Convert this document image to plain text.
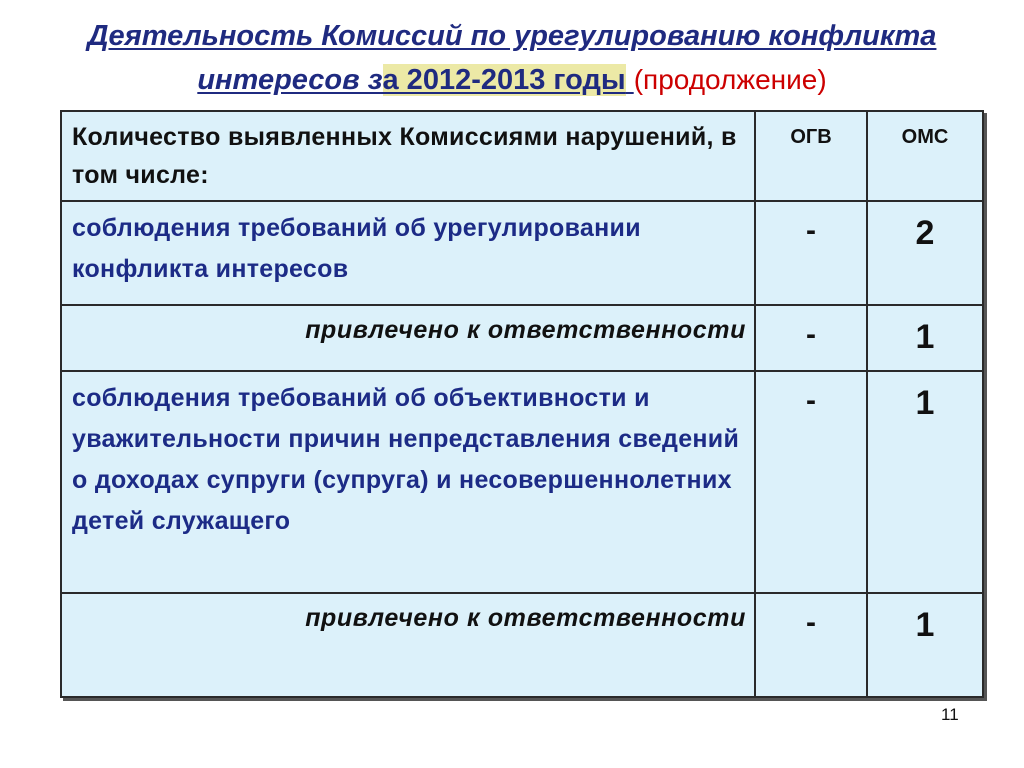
Деятельность Комиссий по урегулированию конфликта
интересов за 2012-2013 годы (продолжение)
Количество выявленных Комиссиями нарушений, в том числе:	ОГВ	ОМС

соблюдения требований об урегулировании конфликта интересов	-	2

привлечено к ответственности	-	1

соблюдения требований об объективности и уважительности причин непредставления сведений о доходах супруги (супруга) и несовершеннолетних детей служащего	-	1

привлечено к ответственности	-	1
11
